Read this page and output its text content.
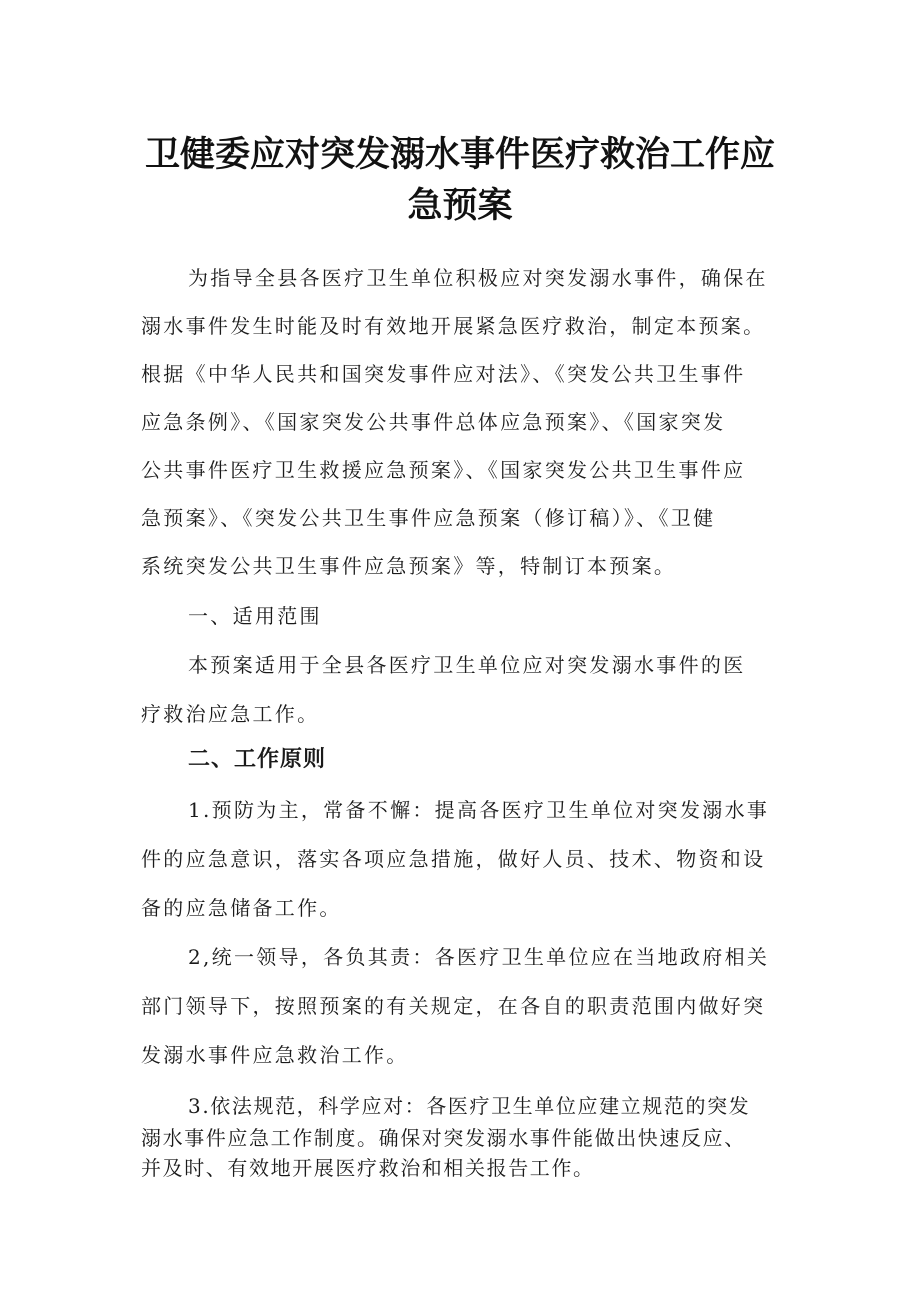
卫健委应对突发溺水事件医疗救治工作应
急预案
为指导全县各医疗卫生单位积极应对突发溺水事件，确保在
溺水事件发生时能及时有效地开展紧急医疗救治，制定本预案。
根据《中华人民共和国突发事件应对法》、《突发公共卫生事件
应急条例》、《国家突发公共事件总体应急预案》、《国家突发
公共事件医疗卫生救援应急预案》、《国家突发公共卫生事件应
急预案》、《突发公共卫生事件应急预案（修订稿）》、《卫健
系统突发公共卫生事件应急预案》等，特制订本预案。
一、适用范围
本预案适用于全县各医疗卫生单位应对突发溺水事件的医
疗救治应急工作。
二、工作原则
1.预防为主，常备不懈：提高各医疗卫生单位对突发溺水事
件的应急意识，落实各项应急措施，做好人员、技术、物资和设
备的应急储备工作。
2,统一领导，各负其责：各医疗卫生单位应在当地政府相关
部门领导下，按照预案的有关规定，在各自的职责范围内做好突
发溺水事件应急救治工作。
3.依法规范，科学应对：各医疗卫生单位应建立规范的突发
溺水事件应急工作制度。确保对突发溺水事件能做出快速反应、
并及时、有效地开展医疗救治和相关报告工作。
